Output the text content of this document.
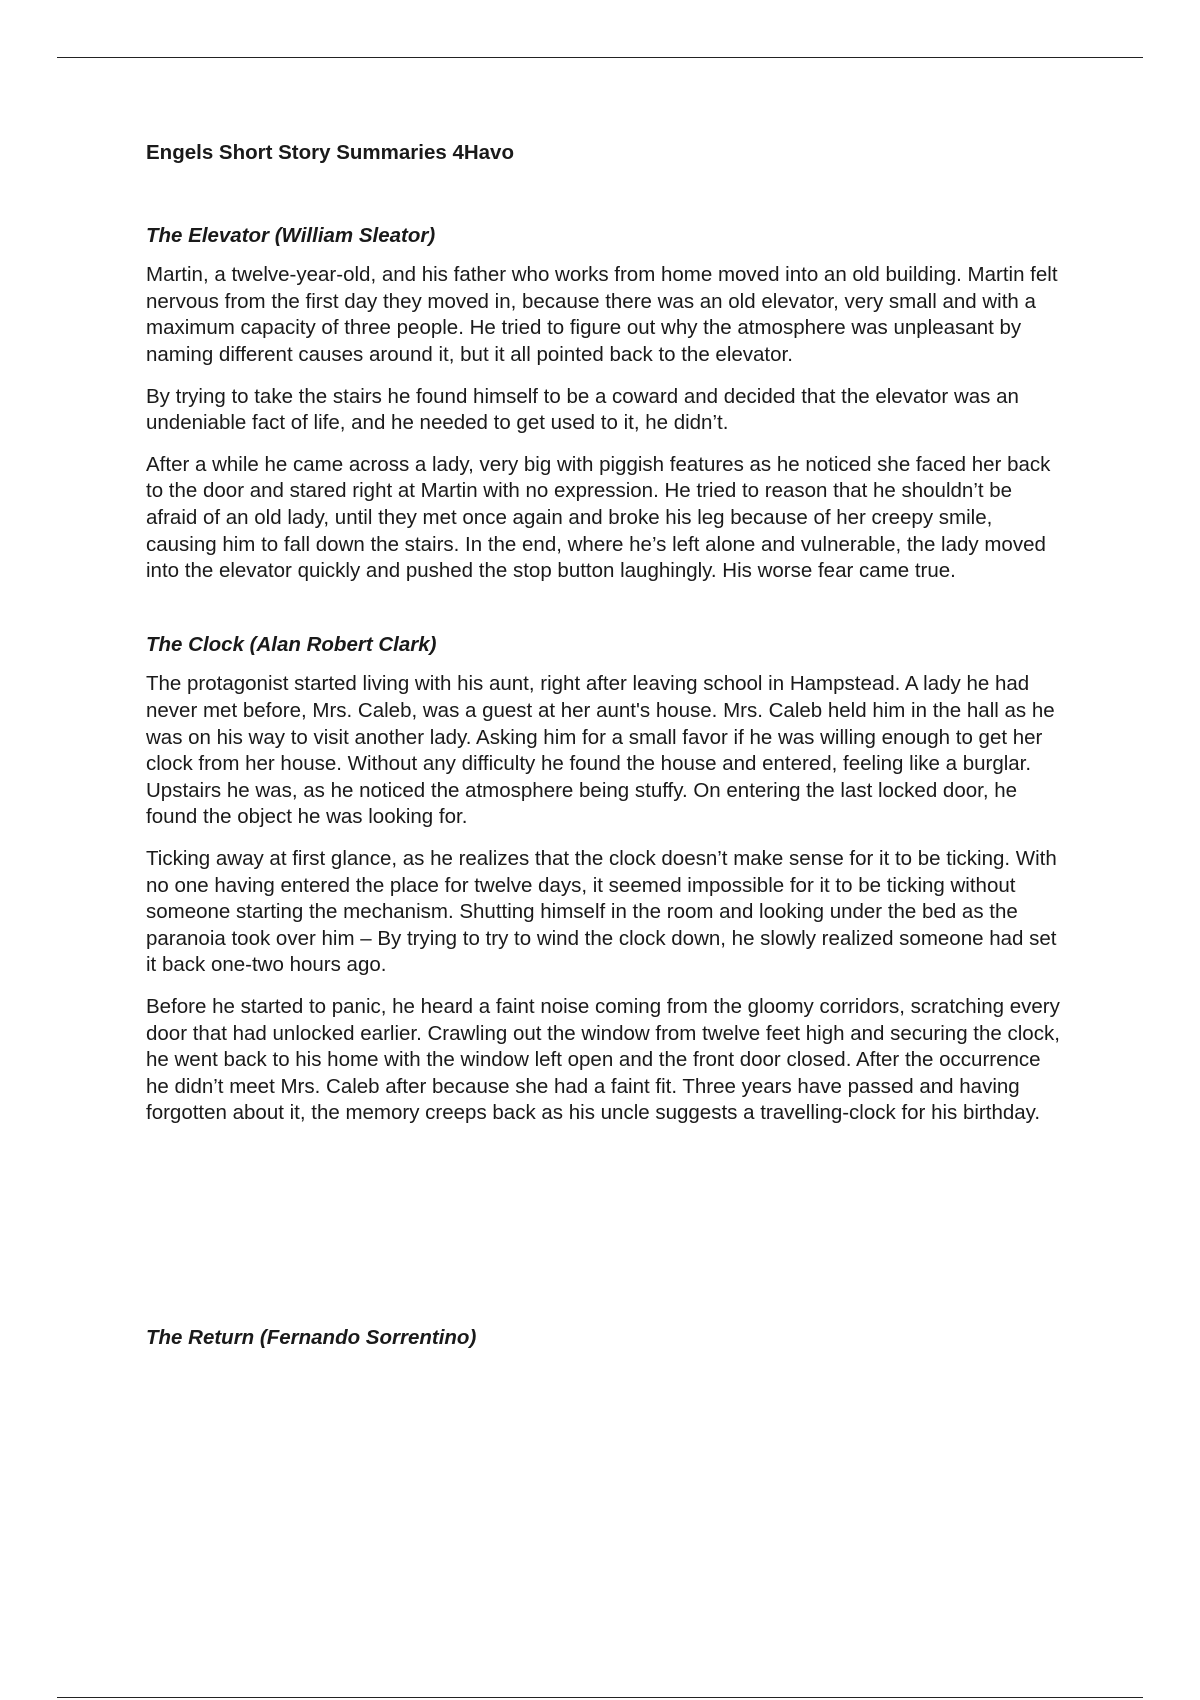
Engels Short Story Summaries 4Havo
The Elevator (William Sleator)

Martin, a twelve-year-old, and his father who works from home moved into an old building. Martin felt nervous from the first day they moved in, because there was an old elevator, very small and with a maximum capacity of three people. He tried to figure out why the atmosphere was unpleasant by naming different causes around it, but it all pointed back to the elevator.

By trying to take the stairs he found himself to be a coward and decided that the elevator was an undeniable fact of life, and he needed to get used to it, he didn’t.

After a while he came across a lady, very big with piggish features as he noticed she faced her back to the door and stared right at Martin with no expression. He tried to reason that he shouldn’t be afraid of an old lady, until they met once again and broke his leg because of her creepy smile, causing him to fall down the stairs. In the end, where he’s left alone and vulnerable, the lady moved into the elevator quickly and pushed the stop button laughingly. His worse fear came true.

The Clock (Alan Robert Clark)

The protagonist started living with his aunt, right after leaving school in Hampstead. A lady he had never met before, Mrs. Caleb, was a guest at her aunt's house. Mrs. Caleb held him in the hall as he was on his way to visit another lady. Asking him for a small favor if he was willing enough to get her clock from her house. Without any difficulty he found the house and entered, feeling like a burglar. Upstairs he was, as he noticed the atmosphere being stuffy. On entering the last locked door, he found the object he was looking for.

Ticking away at first glance, as he realizes that the clock doesn’t make sense for it to be ticking. With no one having entered the place for twelve days, it seemed impossible for it to be ticking without someone starting the mechanism. Shutting himself in the room and looking under the bed as the paranoia took over him – By trying to try to wind the clock down, he slowly realized someone had set it back one-two hours ago.

Before he started to panic, he heard a faint noise coming from the gloomy corridors, scratching every door that had unlocked earlier. Crawling out the window from twelve feet high and securing the clock, he went back to his home with the window left open and the front door closed. After the occurrence he didn’t meet Mrs. Caleb after because she had a faint fit. Three years have passed and having forgotten about it, the memory creeps back as his uncle suggests a travelling-clock for his birthday.

The Return (Fernando Sorrentino)
